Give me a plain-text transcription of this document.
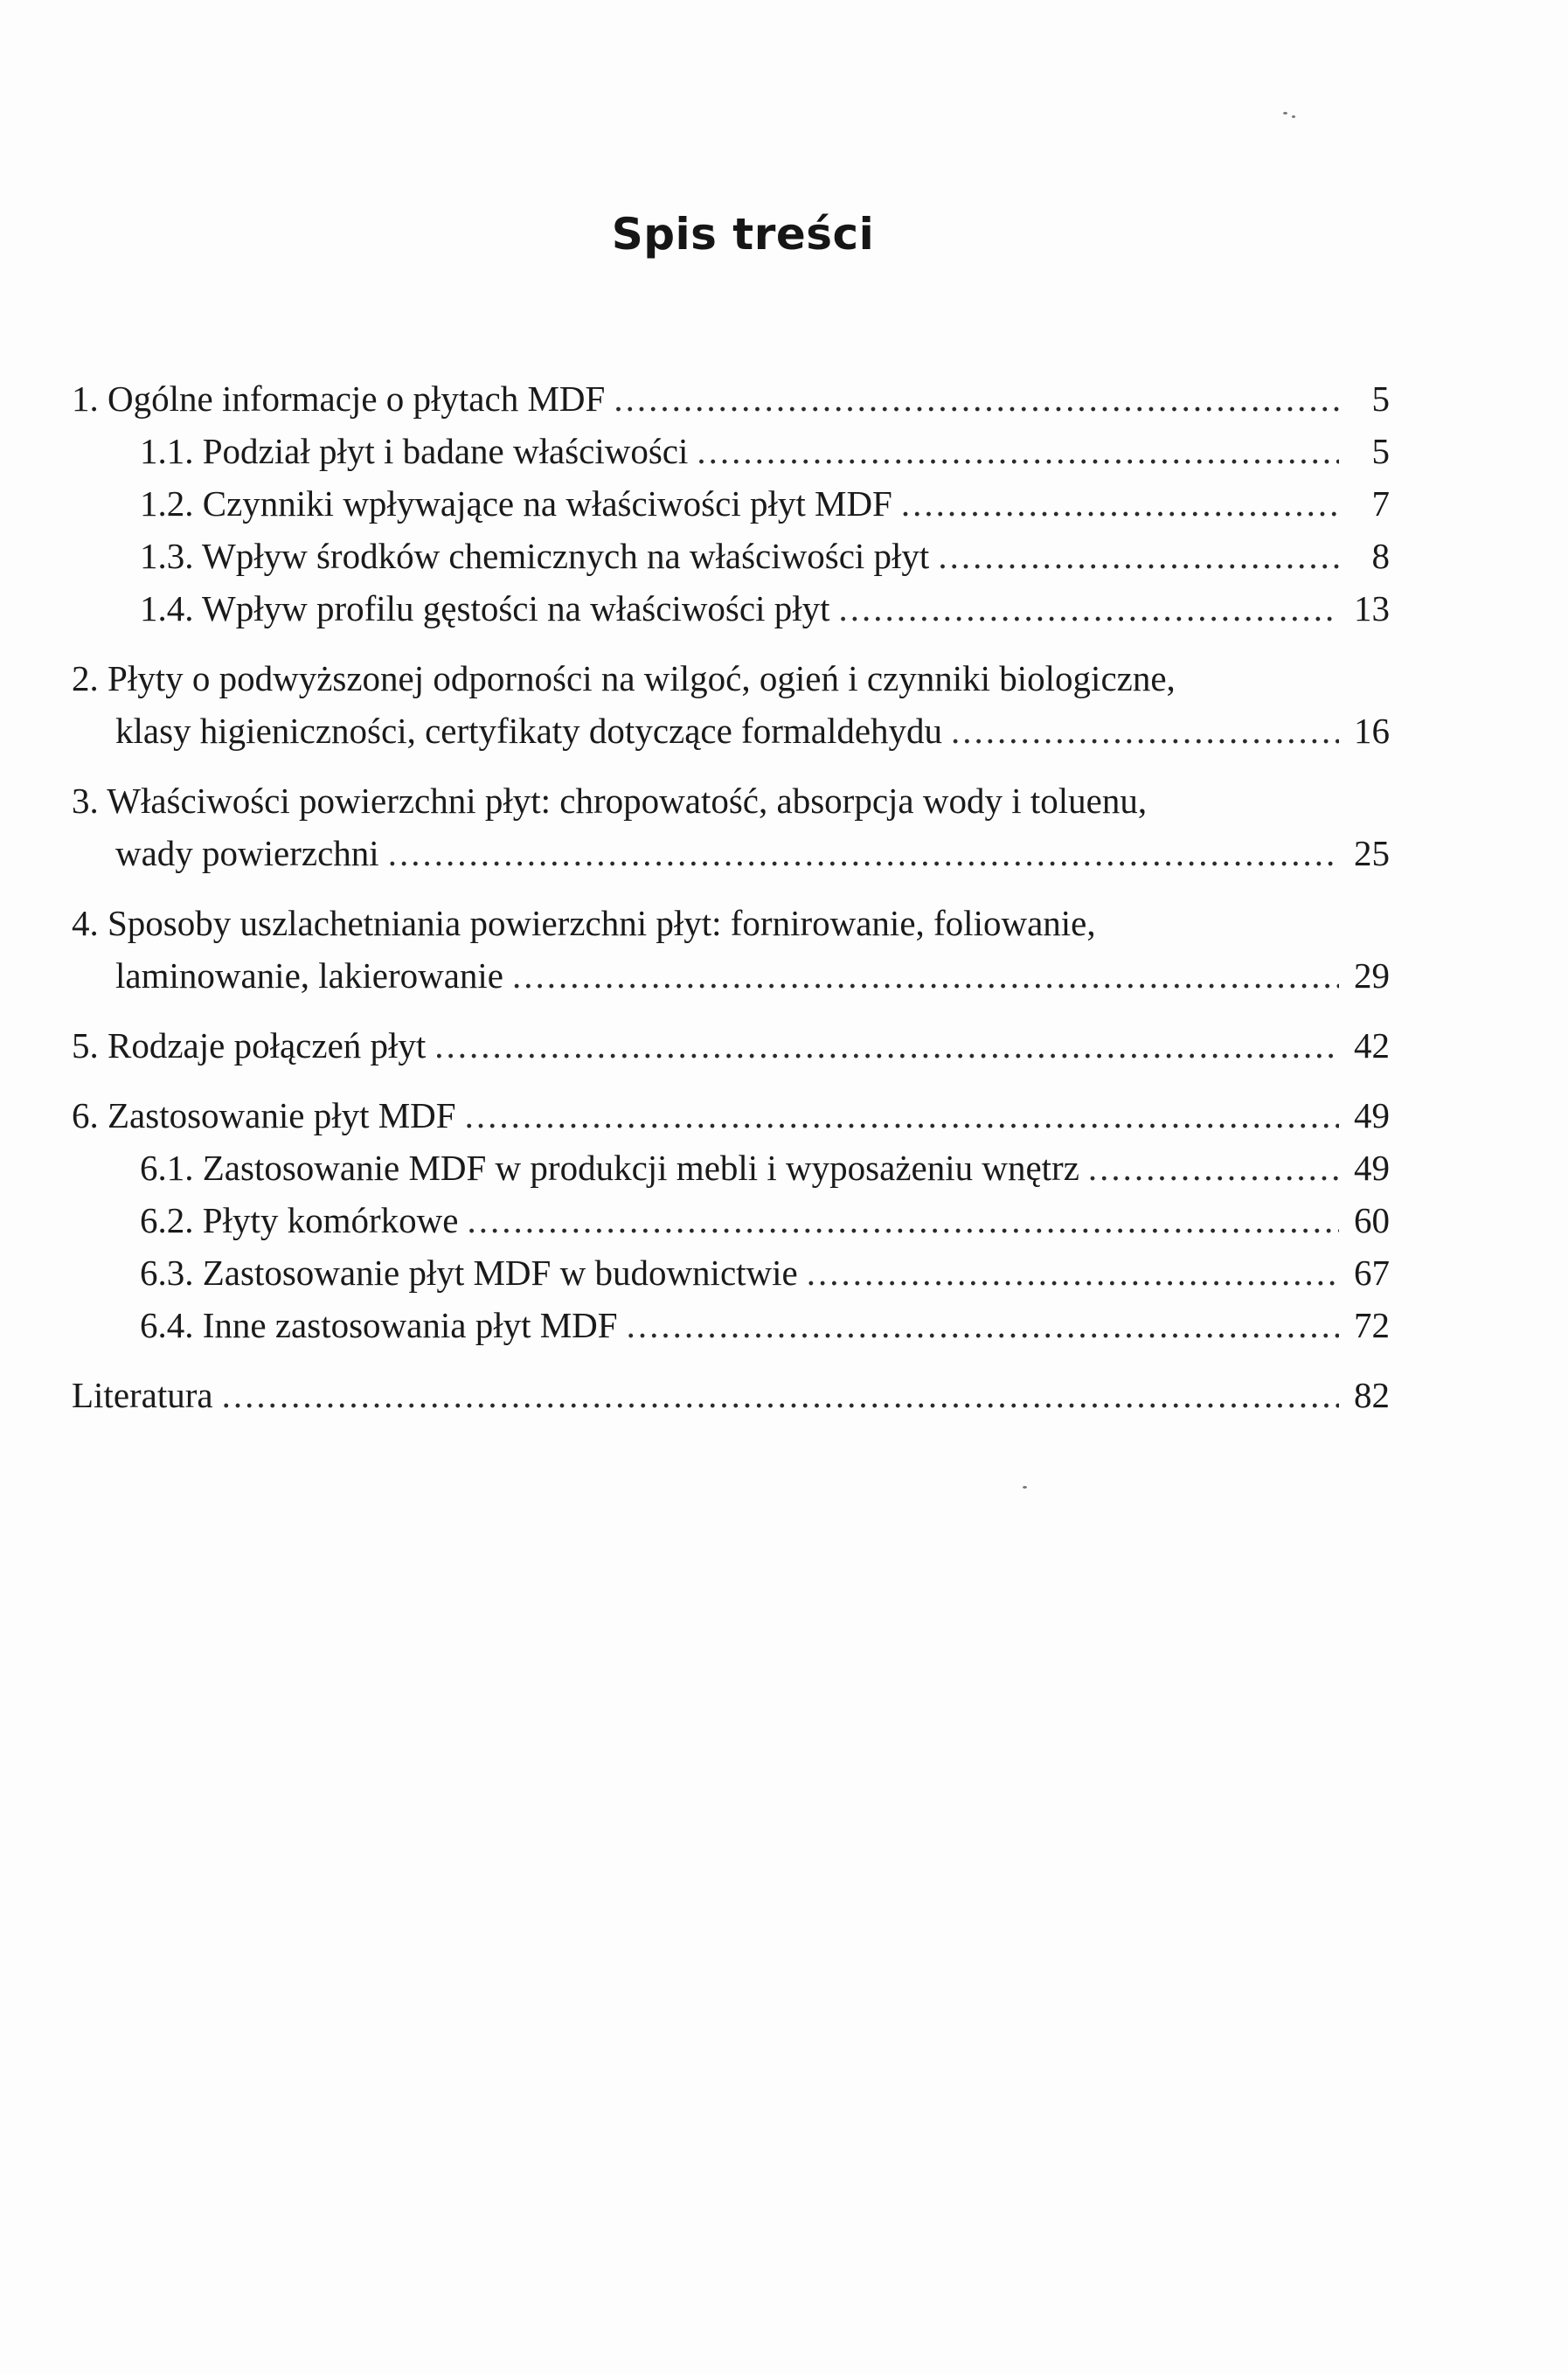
Spis treści
1. Ogólne informacje o płytach MDF .....	5
1.1. Podział płyt i badane właściwości .....	5
1.2. Czynniki wpływające na właściwości płyt MDF .....	7
1.3. Wpływ środków chemicznych na właściwości płyt .....	8
1.4. Wpływ profilu gęstości na właściwości płyt .....	13
2. Płyty o podwyższonej odporności na wilgoć, ogień i czynniki biologiczne,
klasy higieniczności, certyfikaty dotyczące formaldehydu .....	16
3. Właściwości powierzchni płyt: chropowatość, absorpcja wody i toluenu,
wady powierzchni .....	25
4. Sposoby uszlachetniania powierzchni płyt: fornirowanie, foliowanie,
laminowanie, lakierowanie .....	29
5. Rodzaje połączeń płyt .....	42
6. Zastosowanie płyt MDF .....	49
6.1. Zastosowanie MDF w produkcji mebli i wyposażeniu wnętrz .....	49
6.2. Płyty komórkowe .....	60
6.3. Zastosowanie płyt MDF w budownictwie .....	67
6.4. Inne zastosowania płyt MDF .....	72
Literatura .....	82
